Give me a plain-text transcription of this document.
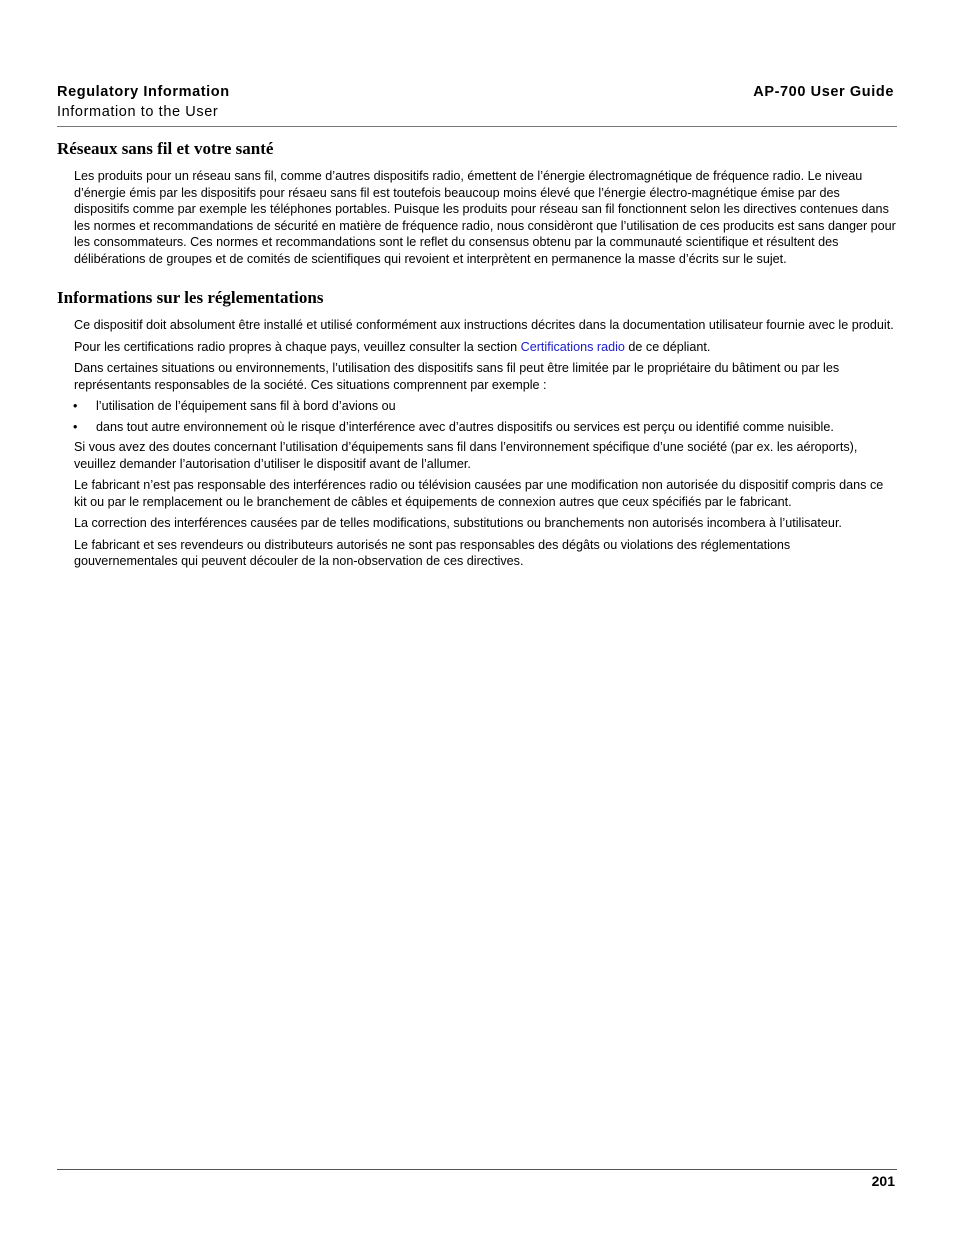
Regulatory Information
Information to the User
AP-700 User Guide
Réseaux sans fil et votre santé

Les produits pour un réseau sans fil, comme d’autres dispositifs radio, émettent de l’énergie électromagnétique de fréquence radio. Le niveau d’énergie émis par les dispositifs pour résaeu sans fil est toutefois beaucoup moins élevé que l’énergie électro-magnétique émise par des dispositifs comme par exemple les téléphones portables. Puisque les produits pour réseau san fil fonctionnent selon les directives contenues dans les normes et recommandations de sécurité en matière de fréquence radio, nous considèront que l’utilisation de ces producits est sans danger pour les consommateurs. Ces normes et recommandations sont le reflet du consensus obtenu par la communauté scientifique et résultent des délibérations de groupes et de comités de scientifiques qui revoient et interprètent en permanence la masse d’écrits sur le sujet.

Informations sur les réglementations

Ce dispositif doit absolument être installé et utilisé conformément aux instructions décrites dans la documentation utilisateur fournie avec le produit.

Pour les certifications radio propres à chaque pays, veuillez consulter la section Certifications radio de ce dépliant.

Dans certaines situations ou environnements, l’utilisation des dispositifs sans fil peut être limitée par le propriétaire du bâtiment ou par les représentants responsables de la société. Ces situations comprennent par exemple :

• l’utilisation de l’équipement sans fil à bord d’avions ou
• dans tout autre environnement où le risque d’interférence avec d’autres dispositifs ou services est perçu ou identifié comme nuisible.

Si vous avez des doutes concernant l’utilisation d’équipements sans fil dans l’environnement spécifique d’une société (par ex. les aéroports), veuillez demander l’autorisation d’utiliser le dispositif avant de l’allumer.

Le fabricant n’est pas responsable des interférences radio ou télévision causées par une modification non autorisée du dispositif compris dans ce kit ou par le remplacement ou le branchement de câbles et équipements de connexion autres que ceux spécifiés par le fabricant.

La correction des interférences causées par de telles modifications, substitutions ou branchements non autorisés incombera à l’utilisateur.

Le fabricant et ses revendeurs ou distributeurs autorisés ne sont pas responsables des dégâts ou violations des réglementations gouvernementales qui peuvent découler de la non-observation de ces directives.

201
